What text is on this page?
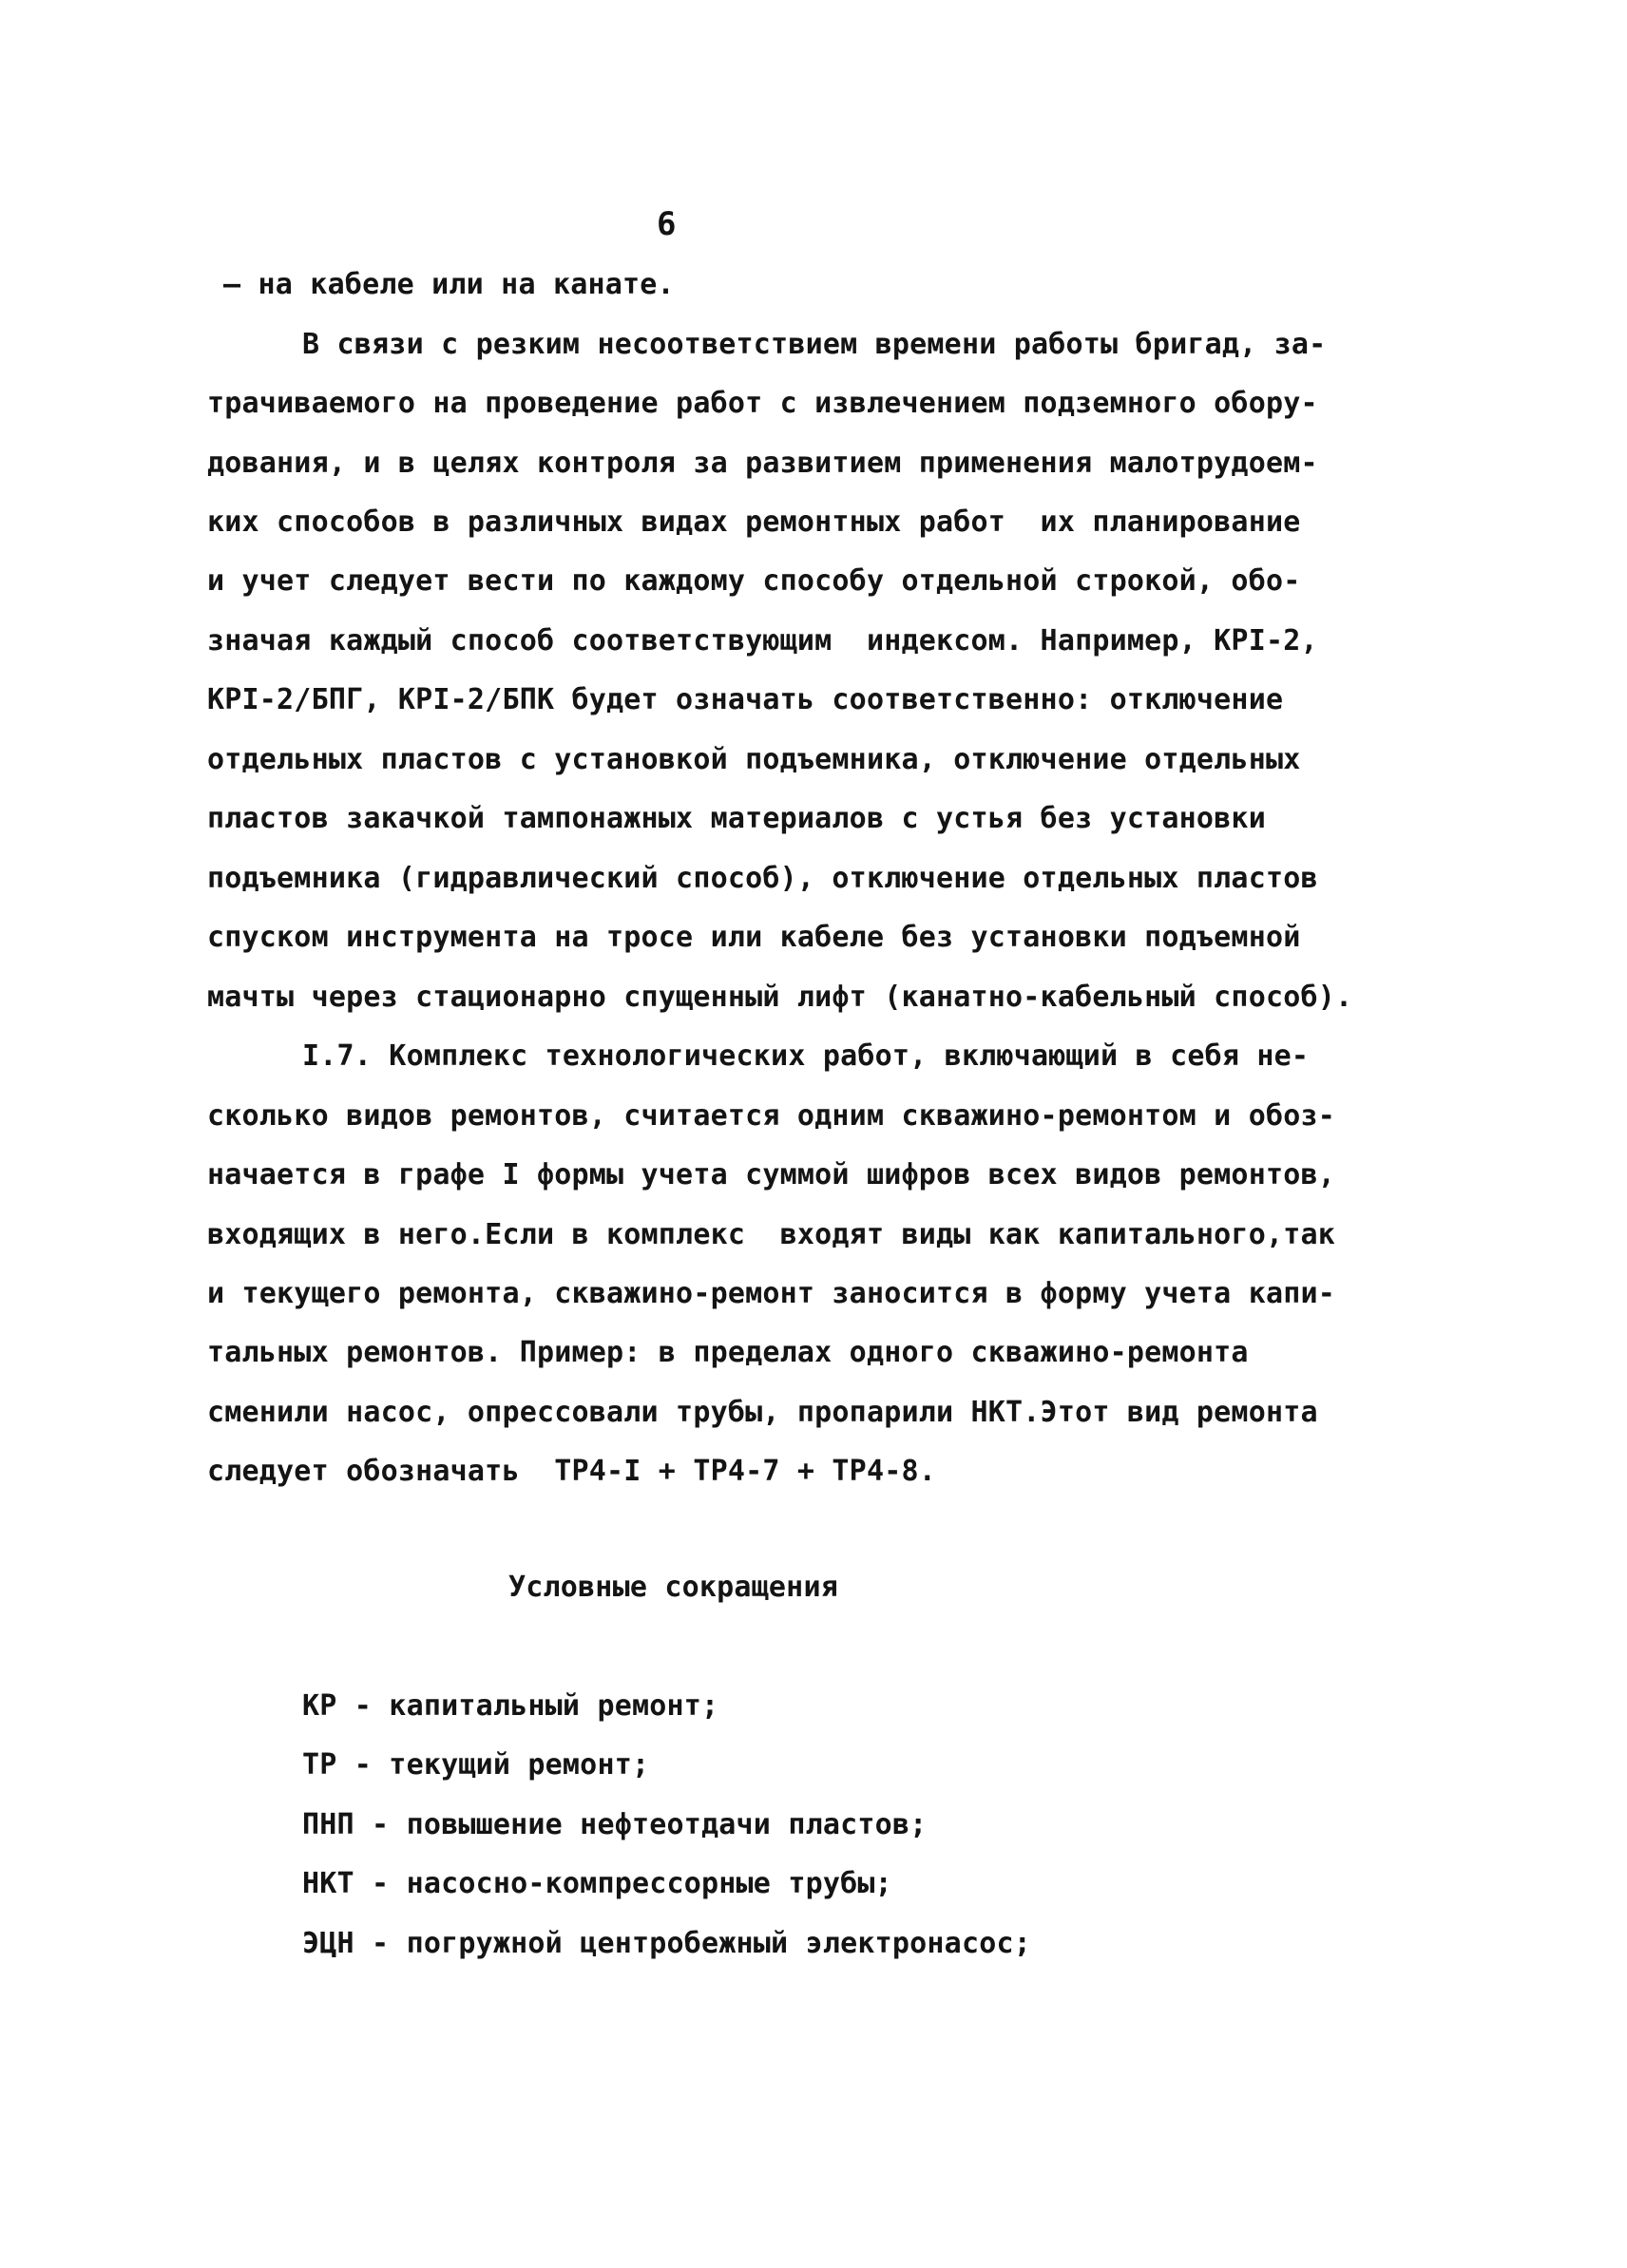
6
– на кабеле или на канате.
В связи с резким несоответствием времени работы бригад, за-
трачиваемого на проведение работ с извлечением подземного обору-
дования, и в целях контроля за развитием применения малотрудоем-
ких способов в различных видах ремонтных работ  их планирование
и учет следует вести по каждому способу отдельной строкой, обо-
значая каждый способ соответствующим  индексом. Например, КРI-2,
КРI-2/БПГ, КРI-2/БПК будет означать соответственно: отключение
отдельных пластов с установкой подъемника, отключение отдельных
пластов закачкой тампонажных материалов с устья без установки
подъемника (гидравлический способ), отключение отдельных пластов
спуском инструмента на тросе или кабеле без установки подъемной
мачты через стационарно спущенный лифт (канатно-кабельный способ).
I.7. Комплекс технологических работ, включающий в себя не-
сколько видов ремонтов, считается одним скважино-ремонтом и обоз-
начается в графе I формы учета суммой шифров всех видов ремонтов,
входящих в него.Если в комплекс  входят виды как капитального,так
и текущего ремонта, скважино-ремонт заносится в форму учета капи-
тальных ремонтов. Пример: в пределах одного скважино-ремонта
сменили насос, опрессовали трубы, пропарили НКТ.Этот вид ремонта
следует обозначать  ТР4-I + ТР4-7 + ТР4-8.
Условные сокращения
КР - капитальный ремонт;
ТР - текущий ремонт;
ПНП - повышение нефтеотдачи пластов;
НКТ - насосно-компрессорные трубы;
ЭЦН - погружной центробежный электронасос;
